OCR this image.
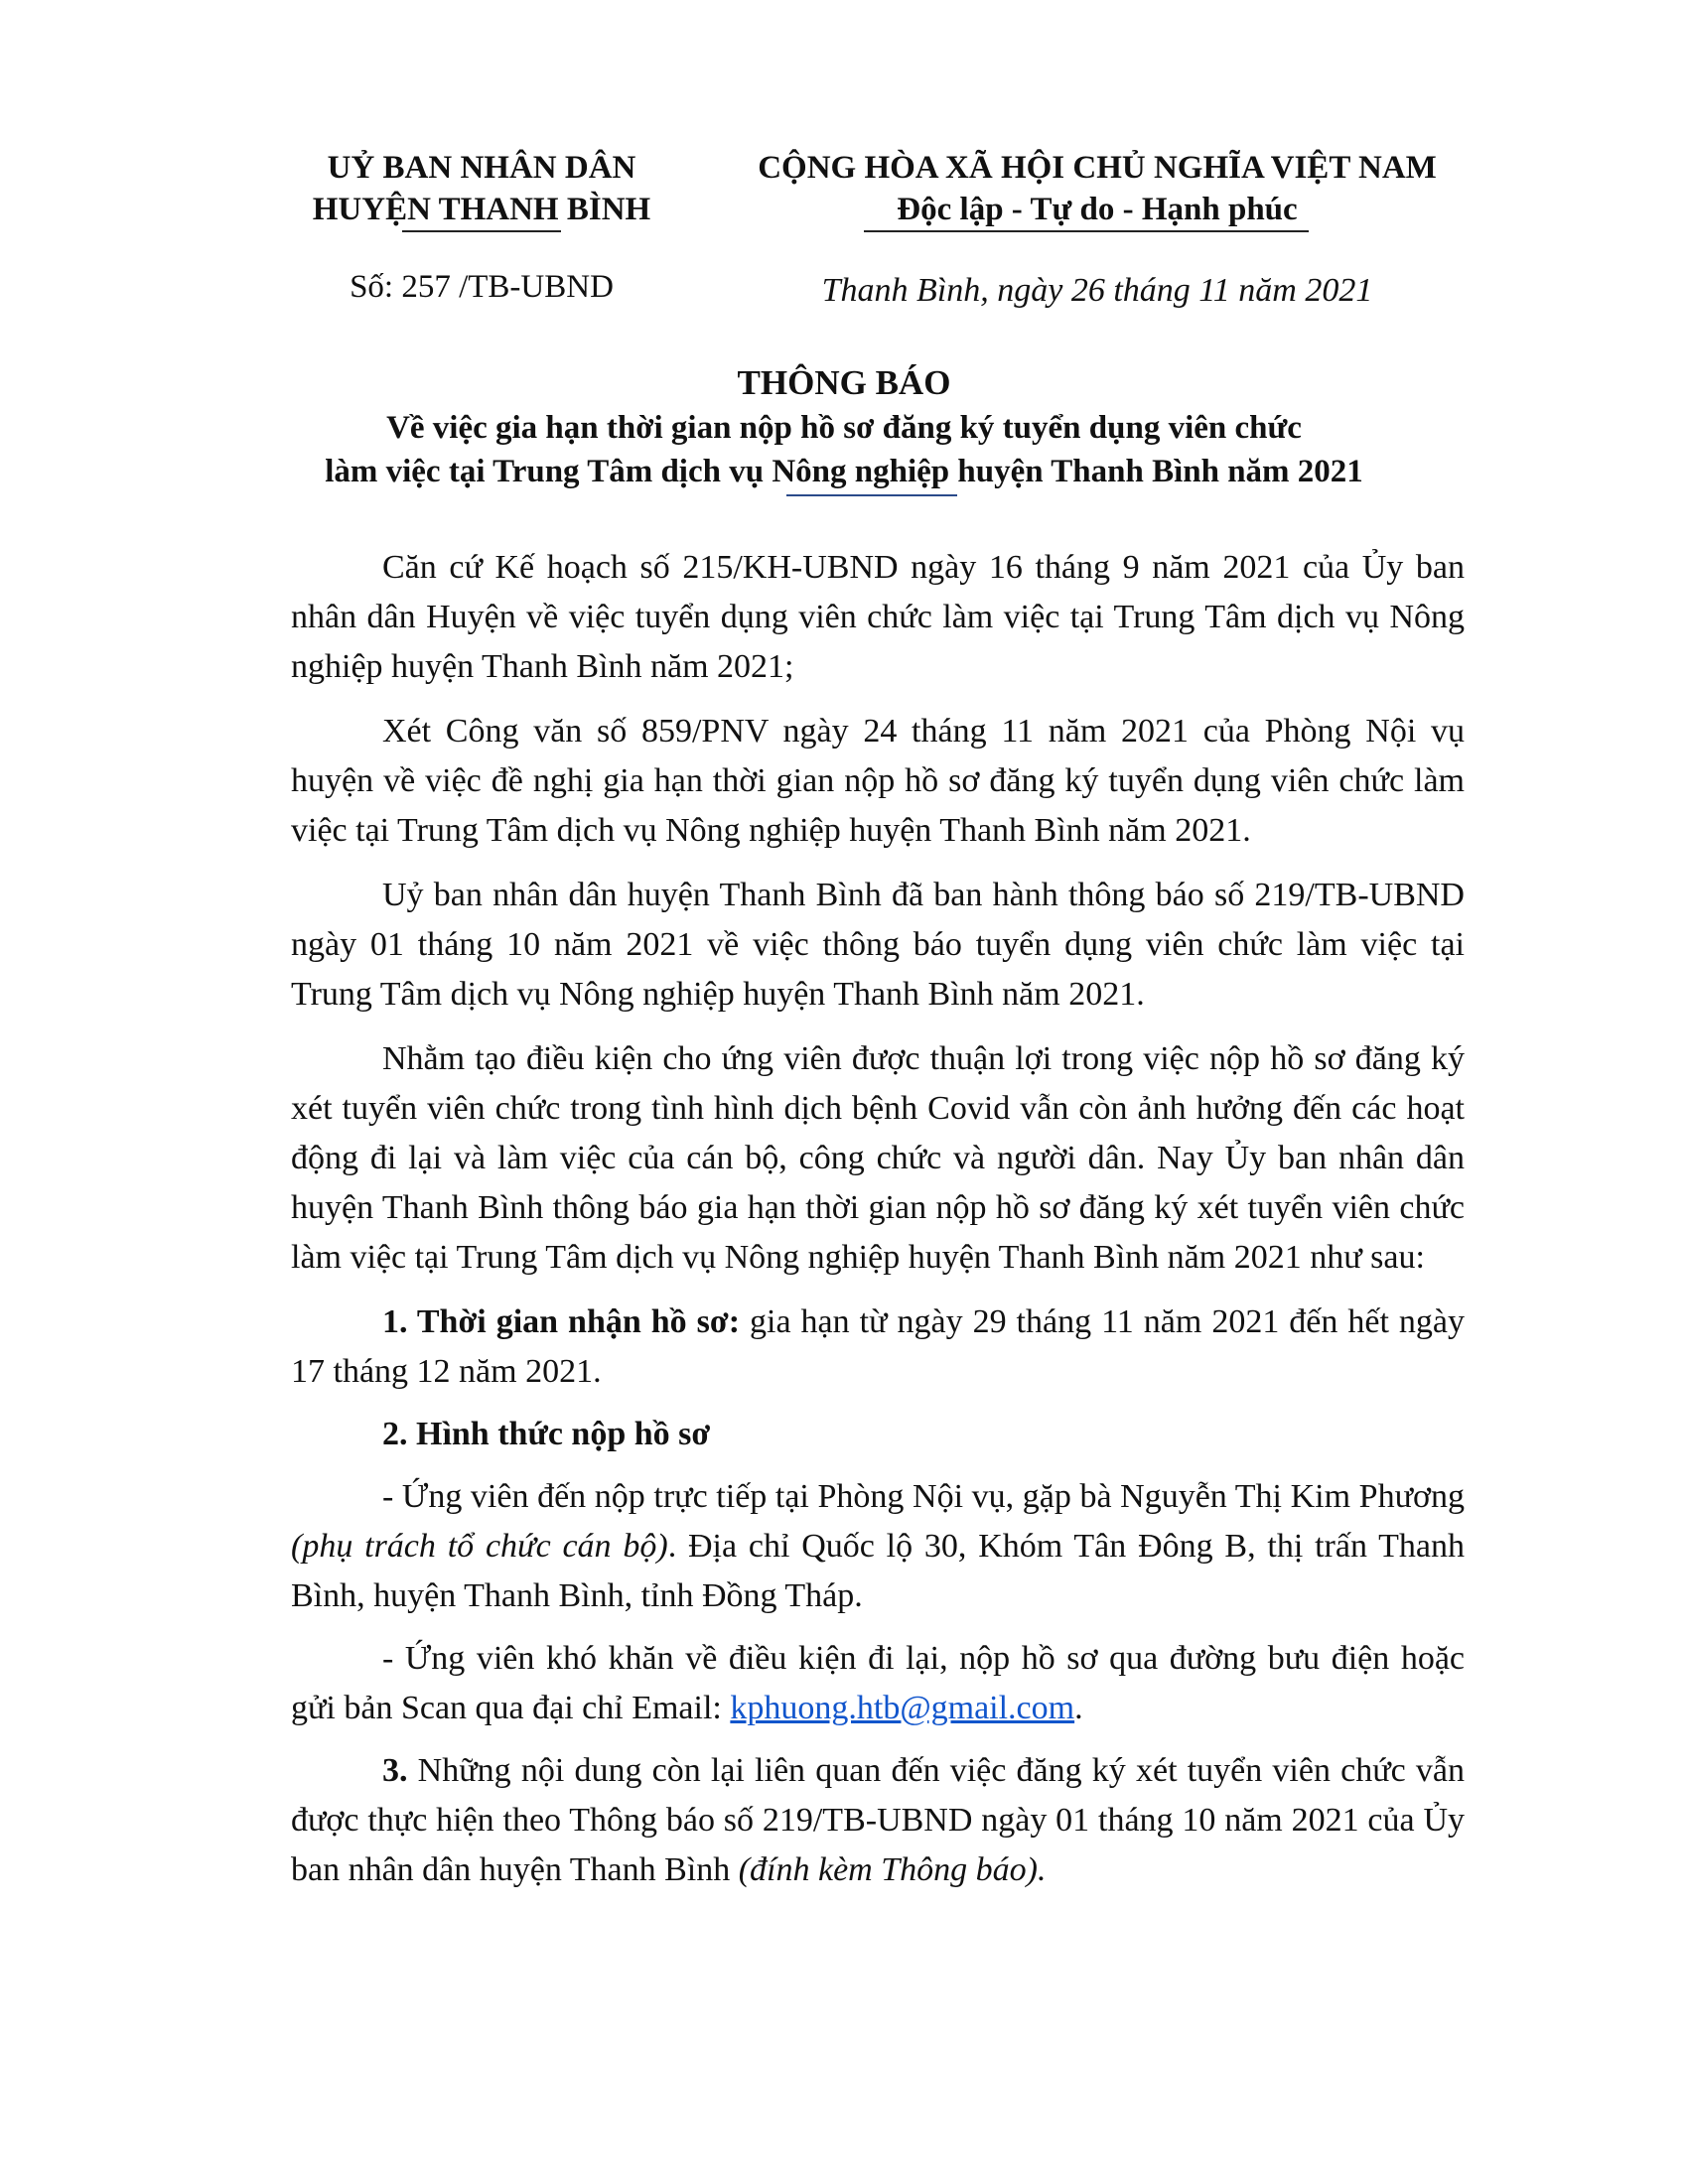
UỶ BAN NHÂN DÂN
HUYỆN THANH BÌNH
CỘNG HÒA XÃ HỘI CHỦ NGHĨA VIỆT NAM
Độc lập - Tự do - Hạnh phúc
Số: 257 /TB-UBND	Thanh Bình, ngày 26 tháng 11 năm 2021
THÔNG BÁO
Về việc gia hạn thời gian nộp hồ sơ đăng ký tuyển dụng viên chức
làm việc tại Trung Tâm dịch vụ Nông nghiệp huyện Thanh Bình năm 2021

Căn cứ Kế hoạch số 215/KH-UBND ngày 16 tháng 9 năm 2021 của Ủy ban nhân dân Huyện về việc tuyển dụng viên chức làm việc tại Trung Tâm dịch vụ Nông nghiệp huyện Thanh Bình năm 2021;

Xét Công văn số 859/PNV ngày 24 tháng 11 năm 2021 của Phòng Nội vụ huyện về việc đề nghị gia hạn thời gian nộp hồ sơ đăng ký tuyển dụng viên chức làm việc tại Trung Tâm dịch vụ Nông nghiệp huyện Thanh Bình năm 2021.

Uỷ ban nhân dân huyện Thanh Bình đã ban hành thông báo số 219/TB-UBND ngày 01 tháng 10 năm 2021 về việc thông báo tuyển dụng viên chức làm việc tại Trung Tâm dịch vụ Nông nghiệp huyện Thanh Bình năm 2021.

Nhằm tạo điều kiện cho ứng viên được thuận lợi trong việc nộp hồ sơ đăng ký xét tuyển viên chức trong tình hình dịch bệnh Covid vẫn còn ảnh hưởng đến các hoạt động đi lại và làm việc của cán bộ, công chức và người dân. Nay Ủy ban nhân dân huyện Thanh Bình thông báo gia hạn thời gian nộp hồ sơ đăng ký xét tuyển viên chức làm việc tại Trung Tâm dịch vụ Nông nghiệp huyện Thanh Bình năm 2021 như sau:

1. Thời gian nhận hồ sơ: gia hạn từ ngày 29 tháng 11 năm 2021 đến hết ngày 17 tháng 12 năm 2021.

2. Hình thức nộp hồ sơ

- Ứng viên đến nộp trực tiếp tại Phòng Nội vụ, gặp bà Nguyễn Thị Kim Phương (phụ trách tổ chức cán bộ). Địa chỉ Quốc lộ 30, Khóm Tân Đông B, thị trấn Thanh Bình, huyện Thanh Bình, tỉnh Đồng Tháp.

- Ứng viên khó khăn về điều kiện đi lại, nộp hồ sơ qua đường bưu điện hoặc gửi bản Scan qua đại chỉ Email: kphuong.htb@gmail.com.

3. Những nội dung còn lại liên quan đến việc đăng ký xét tuyển viên chức vẫn được thực hiện theo Thông báo số 219/TB-UBND ngày 01 tháng 10 năm 2021 của Ủy ban nhân dân huyện Thanh Bình (đính kèm Thông báo).
